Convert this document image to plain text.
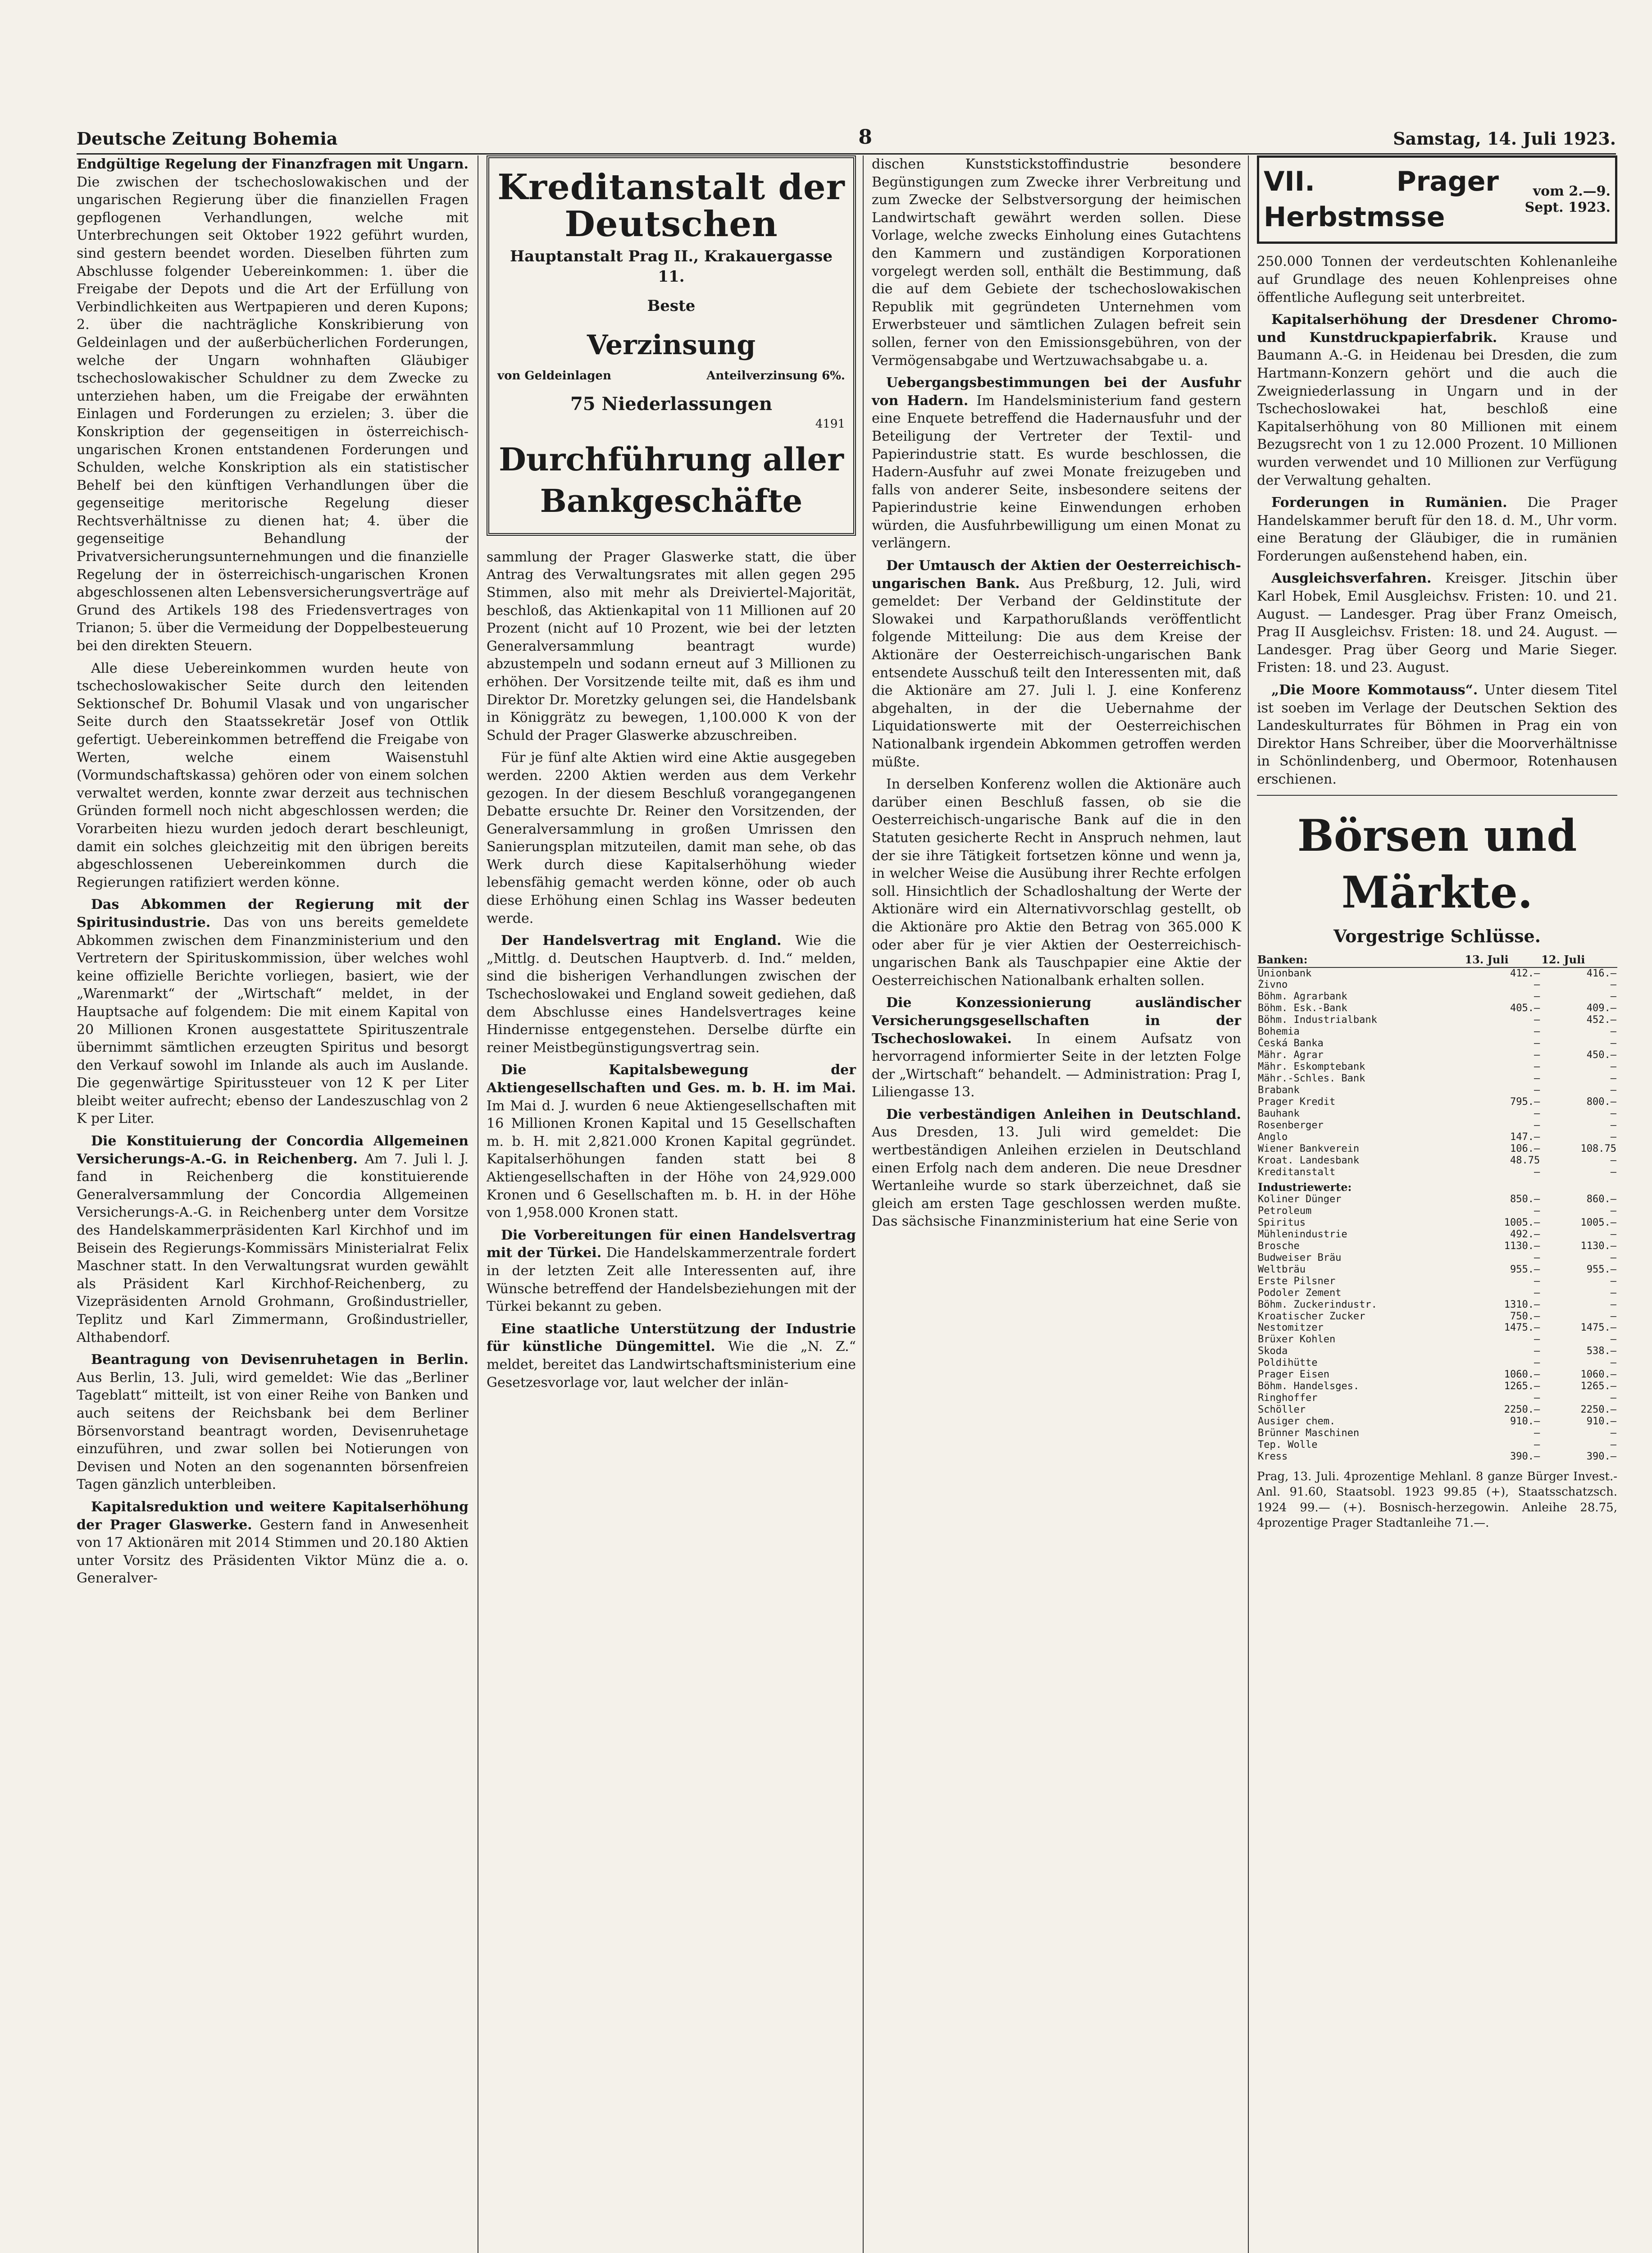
Deutsche Zeitung Bohemia	8	Samstag, 14. Juli 1923.

Endgültige Regelung der Finanzfragen mit Ungarn. Die zwischen der tschechoslowakischen und der ungarischen Regierung über die finanziellen Fragen gepflogenen Verhandlungen, welche mit Unterbrechungen seit Oktober 1922 geführt wurden, sind gestern beendet worden. Dieselben führten zum Abschlusse folgender Uebereinkommen: 1. über die Freigabe der Depots und die Art der Erfüllung von Verbindlichkeiten aus Wertpapieren und deren Kupons; 2. über die nachträgliche Konskribierung von Geldeinlagen und der außerbücherlichen Forderungen, welche der Ungarn wohnhaften Gläubiger tschechoslowakischer Schuldner zu dem Zwecke zu unterziehen haben, um die Freigabe der erwähnten Einlagen und Forderungen zu erzielen; 3. über die Konskription der gegenseitigen in österreichisch-ungarischen Kronen entstandenen Forderungen und Schulden, welche Konskription als ein statistischer Behelf bei den künftigen Verhandlungen über die gegenseitige meritorische Regelung dieser Rechtsverhältnisse zu dienen hat; 4. über die gegenseitige Behandlung der Privatversicherungsunternehmungen und die finanzielle Regelung der in österreichisch-ungarischen Kronen abgeschlossenen alten Lebensversicherungsverträge auf Grund des Artikels 198 des Friedensvertrages von Trianon; 5. über die Vermeidung der Doppelbesteuerung bei den direkten Steuern.

Alle diese Uebereinkommen wurden heute von tschechoslowakischer Seite durch den leitenden Sektionschef Dr. Bohumil Vlasak und von ungarischer Seite durch den Staatssekretär Josef von Ottlik gefertigt. Uebereinkommen betreffend die Freigabe von Werten, welche einem Waisenstuhl (Vormundschaftskassa) gehören oder von einem solchen verwaltet werden, konnte zwar derzeit aus technischen Gründen formell noch nicht abgeschlossen werden; die Vorarbeiten hiezu wurden jedoch derart beschleunigt, damit ein solches gleichzeitig mit den übrigen bereits abgeschlossenen Uebereinkommen durch die Regierungen ratifiziert werden könne.

Das Abkommen der Regierung mit der Spiritusindustrie. Das von uns bereits gemeldete Abkommen zwischen dem Finanzministerium und den Vertretern der Spirituskommission, über welches wohl keine offizielle Berichte vorliegen, basiert, wie der „Warenmarkt“ der „Wirtschaft“ meldet, in der Hauptsache auf folgendem: Die mit einem Kapital von 20 Millionen Kronen ausgestattete Spirituszentrale übernimmt sämtlichen erzeugten Spiritus und besorgt den Verkauf sowohl im Inlande als auch im Auslande. Die gegenwärtige Spiritussteuer von 12 K per Liter bleibt weiter aufrecht; ebenso der Landeszuschlag von 2 K per Liter.

Die Konstituierung der Concordia Allgemeinen Versicherungs-A.-G. in Reichenberg. Am 7. Juli l. J. fand in Reichenberg die konstituierende Generalversammlung der Concordia Allgemeinen Versicherungs-A.-G. in Reichenberg unter dem Vorsitze des Handelskammerpräsidenten Karl Kirchhof und im Beisein des Regierungs-Kommissärs Ministerialrat Felix Maschner statt. In den Verwaltungsrat wurden gewählt als Präsident Karl Kirchhof-Reichenberg, zu Vizepräsidenten Arnold Grohmann, Großindustrieller, Teplitz und Karl Zimmermann, Großindustrieller, Althabendorf.

Beantragung von Devisenruhetagen in Berlin. Aus Berlin, 13. Juli, wird gemeldet: Wie das „Berliner Tageblatt“ mitteilt, ist von einer Reihe von Banken und auch seitens der Reichsbank bei dem Berliner Börsenvorstand beantragt worden, Devisenruhetage einzuführen, und zwar sollen bei Notierungen von Devisen und Noten an den sogenannten börsenfreien Tagen gänzlich unterbleiben.

Kapitalsreduktion und weitere Kapitalserhöhung der Prager Glaswerke. Gestern fand in Anwesenheit von 17 Aktionären mit 2014 Stimmen und 20.180 Aktien unter Vorsitz des Präsidenten Viktor Münz die a. o. Generalver-

Kreditanstalt der Deutschen
Hauptanstalt Prag II., Krakauergasse 11.
Beste
Verzinsung
von Geldeinlagen	Anteilverzinsung 6%.
75 Niederlassungen
4191
Durchführung aller Bankgeschäfte

sammlung der Prager Glaswerke statt, die über Antrag des Verwaltungsrates mit allen gegen 295 Stimmen, also mit mehr als Dreiviertel-Majorität, beschloß, das Aktienkapital von 11 Millionen auf 20 Prozent (nicht auf 10 Prozent, wie bei der letzten Generalversammlung beantragt wurde) abzustempeln und sodann erneut auf 3 Millionen zu erhöhen. Der Vorsitzende teilte mit, daß es ihm und Direktor Dr. Moretzky gelungen sei, die Handelsbank in Königgrätz zu bewegen, 1,100.000 K von der Schuld der Prager Glaswerke abzuschreiben.

Für je fünf alte Aktien wird eine Aktie ausgegeben werden. 2200 Aktien werden aus dem Verkehr gezogen. In der diesem Beschluß vorangegangenen Debatte ersuchte Dr. Reiner den Vorsitzenden, der Generalversammlung in großen Umrissen den Sanierungsplan mitzuteilen, damit man sehe, ob das Werk durch diese Kapitalserhöhung wieder lebensfähig gemacht werden könne, oder ob auch diese Erhöhung einen Schlag ins Wasser bedeuten werde.

Der Handelsvertrag mit England. Wie die „Mittlg. d. Deutschen Hauptverb. d. Ind.“ melden, sind die bisherigen Verhandlungen zwischen der Tschechoslowakei und England soweit gediehen, daß dem Abschlusse eines Handelsvertrages keine Hindernisse entgegenstehen. Derselbe dürfte ein reiner Meistbegünstigungsvertrag sein.

Die Kapitalsbewegung der Aktiengesellschaften und Ges. m. b. H. im Mai. Im Mai d. J. wurden 6 neue Aktiengesellschaften mit 16 Millionen Kronen Kapital und 15 Gesellschaften m. b. H. mit 2,821.000 Kronen Kapital gegründet. Kapitalserhöhungen fanden statt bei 8 Aktiengesellschaften in der Höhe von 24,929.000 Kronen und 6 Gesellschaften m. b. H. in der Höhe von 1,958.000 Kronen statt.

Die Vorbereitungen für einen Handelsvertrag mit der Türkei. Die Handelskammerzentrale fordert in der letzten Zeit alle Interessenten auf, ihre Wünsche betreffend der Handelsbeziehungen mit der Türkei bekannt zu geben.

Eine staatliche Unterstützung der Industrie für künstliche Düngemittel. Wie die „N. Z.“ meldet, bereitet das Landwirtschaftsministerium eine Gesetzesvorlage vor, laut welcher der inlän-

dischen Kunststickstoffindustrie besondere Begünstigungen zum Zwecke ihrer Verbreitung und zum Zwecke der Selbstversorgung der heimischen Landwirtschaft gewährt werden sollen. Diese Vorlage, welche zwecks Einholung eines Gutachtens den Kammern und zuständigen Korporationen vorgelegt werden soll, enthält die Bestimmung, daß die auf dem Gebiete der tschechoslowakischen Republik mit gegründeten Unternehmen vom Erwerbsteuer und sämtlichen Zulagen befreit sein sollen, ferner von den Emissionsgebühren, von der Vermögensabgabe und Wertzuwachsabgabe u. a.

Uebergangsbestimmungen bei der Ausfuhr von Hadern. Im Handelsministerium fand gestern eine Enquete betreffend die Hadernausfuhr und der Beteiligung der Vertreter der Textil- und Papierindustrie statt. Es wurde beschlossen, die Hadern-Ausfuhr auf zwei Monate freizugeben und falls von anderer Seite, insbesondere seitens der Papierindustrie keine Einwendungen erhoben würden, die Ausfuhrbewilligung um einen Monat zu verlängern.

Der Umtausch der Aktien der Oesterreichisch-ungarischen Bank. Aus Preßburg, 12. Juli, wird gemeldet: Der Verband der Geldinstitute der Slowakei und Karpathorußlands veröffentlicht folgende Mitteilung: Die aus dem Kreise der Aktionäre der Oesterreichisch-ungarischen Bank entsendete Ausschuß teilt den Interessenten mit, daß die Aktionäre am 27. Juli l. J. eine Konferenz abgehalten, in der die Uebernahme der Liquidationswerte mit der Oesterreichischen Nationalbank irgendein Abkommen getroffen werden müßte.

In derselben Konferenz wollen die Aktionäre auch darüber einen Beschluß fassen, ob sie die Oesterreichisch-ungarische Bank auf die in den Statuten gesicherte Recht in Anspruch nehmen, laut der sie ihre Tätigkeit fortsetzen könne und wenn ja, in welcher Weise die Ausübung ihrer Rechte erfolgen soll. Hinsichtlich der Schadloshaltung der Werte der Aktionäre wird ein Alternativvorschlag gestellt, ob die Aktionäre pro Aktie den Betrag von 365.000 K oder aber für je vier Aktien der Oesterreichisch-ungarischen Bank als Tauschpapier eine Aktie der Oesterreichischen Nationalbank erhalten sollen.

Die Konzessionierung ausländischer Versicherungsgesellschaften in der Tschechoslowakei. In einem Aufsatz von hervorragend informierter Seite in der letzten Folge der „Wirtschaft“ behandelt. — Administration: Prag I, Liliengasse 13.

Die verbeständigen Anleihen in Deutschland. Aus Dresden, 13. Juli wird gemeldet: Die wertbeständigen Anleihen erzielen in Deutschland einen Erfolg nach dem anderen. Die neue Dresdner Wertanleihe wurde so stark überzeichnet, daß sie gleich am ersten Tage geschlossen werden mußte. Das sächsische Finanzministerium hat eine Serie von

VII. Prager Herbstmsse
vom 2.—9. Sept. 1923.

250.000 Tonnen der verdeutschten Kohlenanleihe auf Grundlage des neuen Kohlenpreises ohne öffentliche Auflegung seit unterbreitet.

Kapitalserhöhung der Dresdener Chromo- und Kunstdruckpapierfabrik. Krause und Baumann A.-G. in Heidenau bei Dresden, die zum Hartmann-Konzern gehört und die auch die Zweigniederlassung in Ungarn und in der Tschechoslowakei hat, beschloß eine Kapitalserhöhung von 80 Millionen mit einem Bezugsrecht von 1 zu 12.000 Prozent. 10 Millionen wurden verwendet und 10 Millionen zur Verfügung der Verwaltung gehalten.

Forderungen in Rumänien. Die Prager Handelskammer beruft für den 18. d. M., Uhr vorm. eine Beratung der Gläubiger, die in rumänien Forderungen außenstehend haben, ein.

Ausgleichsverfahren. Kreisger. Jitschin über Karl Hobek, Emil Ausgleichsv. Fristen: 10. und 21. August. — Landesger. Prag über Franz Omeisch, Prag II Ausgleichsv. Fristen: 18. und 24. August. — Landesger. Prag über Georg und Marie Sieger. Fristen: 18. und 23. August.

„Die Moore Kommotauss“. Unter diesem Titel ist soeben im Verlage der Deutschen Sektion des Landeskulturrates für Böhmen in Prag ein von Direktor Hans Schreiber, über die Moorverhältnisse in Schönlindenberg, und Obermoor, Rotenhausen erschienen.

Börsen und Märkte.
Vorgestrige Schlüsse.
Banken:	13. Juli	12. Juli
Unionbank	412.—	416.—
Živno	—	—
Böhm. Agrarbank	—	—
Böhm. Esk.-Bank	405.—	409.—
Böhm. Industrialbank	—	452.—
Bohemia	—	—
Česká Banka	—	—
Mähr. Agrar	—	450.—
Mähr. Eskomptebank	—	—
Mähr.-Schles. Bank	—	—
Brabank	—	—
Prager Kredit	795.—	800.—
Bauhank	—	—
Rosenberger	—	—
Anglo	147.—	—
Wiener Bankverein	106.—	108.75
Kroat. Landesbank	48.75	—
Kreditanstalt	—	—
Industriewerte:		
Koliner Dünger	850.—	860.—
Petroleum	—	—
Spiritus	1005.—	1005.—
Mühlenindustrie	492.—	—
Brosche	1130.—	1130.—
Budweiser Bräu	—	—
Weltbräu	955.—	955.—
Erste Pilsner	—	—
Podoler Zement	—	—
Böhm. Zuckerindustr.	1310.—	—
Kroatischer Zucker	750.—	—
Nestomitzer	1475.—	1475.—
Brüxer Kohlen	—	—
Skoda	—	538.—
Poldihütte	—	—
Prager Eisen	1060.—	1060.—
Böhm. Handelsges.	1265.—	1265.—
Ringhoffer	—	—
Schöller	2250.—	2250.—
Ausiger chem.	910.—	910.—
Brünner Maschinen	—	—
Tep. Wolle	—	—
Kress	390.—	390.—

Prag, 13. Juli. 4prozentige Mehlanl. 8 ganze Bürger Invest.-Anl. 91.60, Staatsobl. 1923 99.85 (+), Staatsschatzsch. 1924 99.— (+). Bosnisch-herzegowin. Anleihe 28.75, 4prozentige Prager Stadtanleihe 71.—.
